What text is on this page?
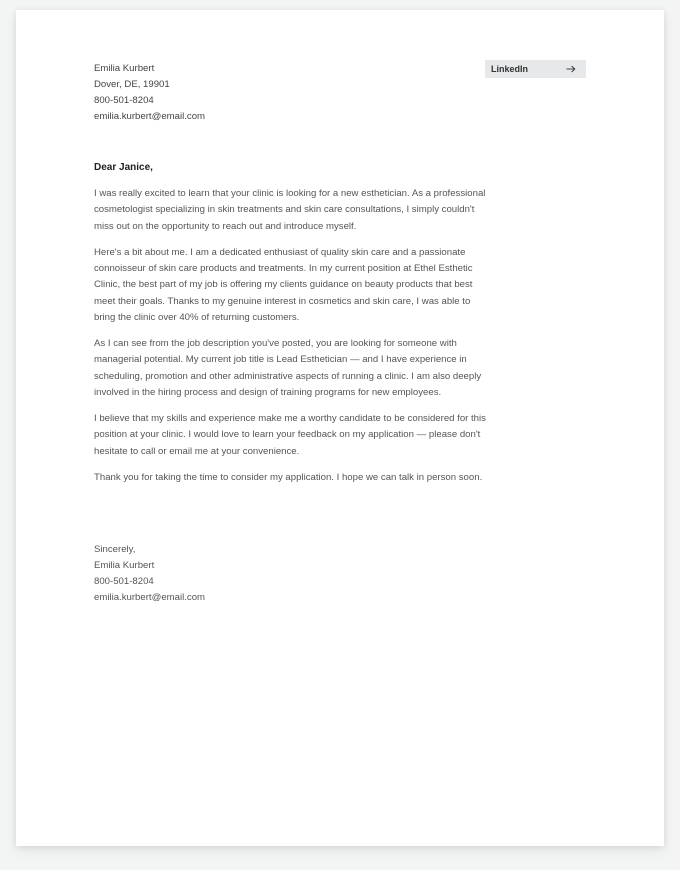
Emilia Kurbert
Dover, DE, 19901
800-501-8204
emilia.kurbert@email.com
LinkedIn
Dear Janice,

I was really excited to learn that your clinic is looking for a new esthetician. As a professional cosmetologist specializing in skin treatments and skin care consultations, I simply couldn't miss out on the opportunity to reach out and introduce myself.

Here's a bit about me. I am a dedicated enthusiast of quality skin care and a passionate connoisseur of skin care products and treatments. In my current position at Ethel Esthetic Clinic, the best part of my job is offering my clients guidance on beauty products that best meet their goals. Thanks to my genuine interest in cosmetics and skin care, I was able to bring the clinic over 40% of returning customers.

As I can see from the job description you've posted, you are looking for someone with managerial potential. My current job title is Lead Esthetician — and I have experience in scheduling, promotion and other administrative aspects of running a clinic. I am also deeply involved in the hiring process and design of training programs for new employees.

I believe that my skills and experience make me a worthy candidate to be considered for this position at your clinic. I would love to learn your feedback on my application — please don't hesitate to call or email me at your convenience.

Thank you for taking the time to consider my application. I hope we can talk in person soon.

Sincerely,
Emilia Kurbert
800-501-8204
emilia.kurbert@email.com
